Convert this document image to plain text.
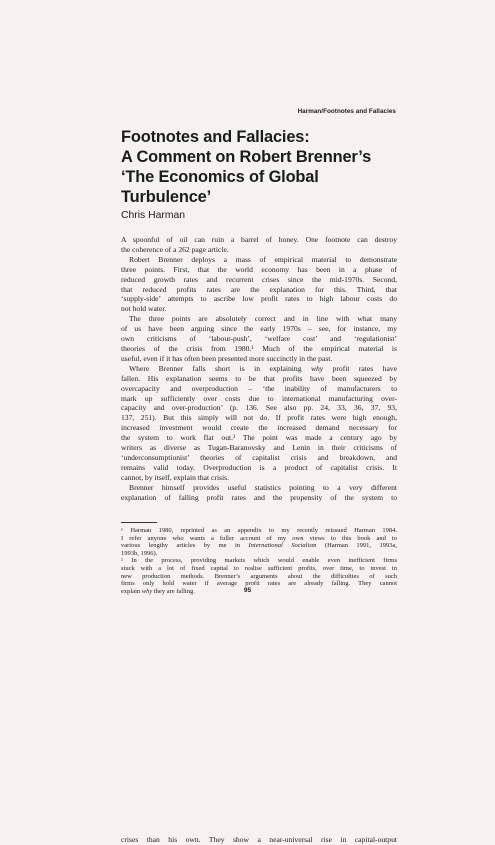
Harman/Footnotes and Fallacies
Footnotes and Fallacies:
A Comment on Robert Brenner’s
‘The Economics of Global
Turbulence’
Chris Harman
A spoonful of oil can ruin a barrel of honey. One footnote can destroy
the coherence of a 262 page article.
Robert Brenner deploys a mass of empirical material to demonstrate
three points. First, that the world economy has been in a phase of
reduced growth rates and recurrent crises since the mid-1970s. Second,
that reduced profits rates are the explanation for this. Third, that
‘supply-side’ attempts to ascribe low profit rates to high labour costs do
not hold water.
The three points are absolutely correct and in line with what many
of us have been arguing since the early 1970s – see, for instance, my
own criticisms of ‘labour-push’, ‘welfare cost’ and ‘regulationist’
theories of the crisis from 1980.¹ Much of the empirical material is
useful, even if it has often been presented more succinctly in the past.
Where Brenner falls short is in explaining why profit rates have
fallen. His explanation seems to be that profits have been squeezed by
overcapacity and overproduction – ‘the inability of manufacturers to
mark up sufficiently over costs due to international manufacturing over-
capacity and over-production’ (p. 136. See also pp. 24, 33, 36, 37, 93,
137, 251). But this simply will not do. If profit rates were high enough,
increased investment would create the increased demand necessary for
the system to work flat out.² The point was made a century ago by
writers as diverse as Tugan-Baranovsky and Lenin in their criticisms of
‘underconsumptionist’ theories of capitalist crisis and breakdown, and
remains valid today. Overproduction is a product of capitalist crisis. It
cannot, by itself, explain that crisis.
Brenner himself provides useful statistics pointing to a very different
explanation of falling profit rates and the propensity of the system to
crises than his own. They show a near-universal rise in capital-output
¹ Harman 1980, reprinted as an appendix to my recently reissued Harman 1984.
I refer anyone who wants a fuller account of my own views to this book and to
various lengthy articles by me in International Socialism (Harman 1991, 1993a,
1993b, 1996).
² In the process, providing markets which would enable even inefficient firms
stuck with a lot of fixed capital to realise sufficient profits, over time, to invest in
new production methods. Brenner’s arguments about the difficulties of such
firms only hold water if average profit rates are already falling. They cannot
explain why they are falling.	95
